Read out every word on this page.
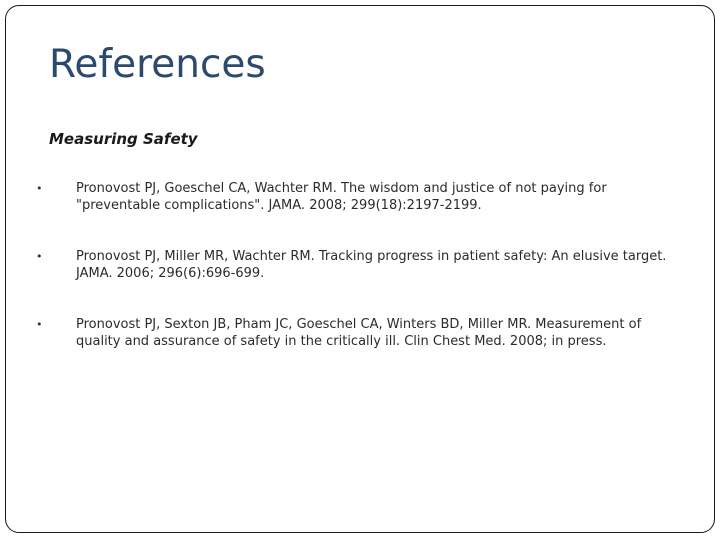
References
Measuring Safety
•	Pronovost PJ, Goeschel CA, Wachter RM. The wisdom and justice of not paying for "preventable complications". JAMA. 2008; 299(18):2197-2199.
•	Pronovost PJ, Miller MR, Wachter RM. Tracking progress in patient safety: An elusive target. JAMA. 2006; 296(6):696-699.
•	Pronovost PJ, Sexton JB, Pham JC, Goeschel CA, Winters BD, Miller MR. Measurement of quality and assurance of safety in the critically ill. Clin Chest Med. 2008; in press.
